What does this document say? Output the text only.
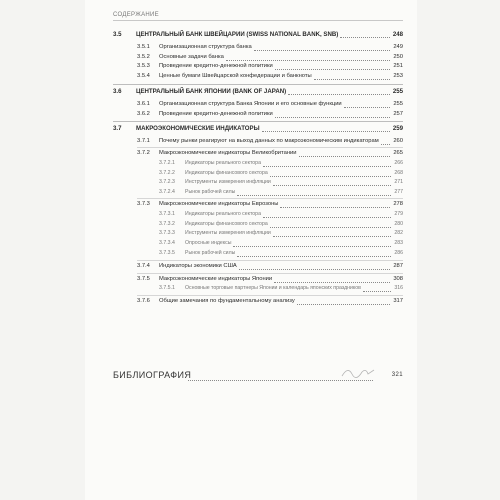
СОДЕРЖАНИЕ
3.5 ЦЕНТРАЛЬНЫЙ БАНК ШВЕЙЦАРИИ (SWISS NATIONAL BANK, SNB)	248
3.5.1 Организационная структура банка	249
3.5.2 Основные задачи банка	250
3.5.3 Проведение кредитно-денежной политики	251
3.5.4 Ценные бумаги Швейцарской конфедерации и банкноты	253
3.6 ЦЕНТРАЛЬНЫЙ БАНК ЯПОНИИ (BANK OF JAPAN)	255
3.6.1 Организационная структура Банка Японии и его основные функции	255
3.6.2 Проведение кредитно-денежной политики	257
3.7 МАКРОЭКОНОМИЧЕСКИЕ ИНДИКАТОРЫ	259
3.7.1 Почему рынки реагируют на выход данных по макроэкономическим индикаторам	260
3.7.2 Макроэкономические индикаторы Великобритании	265
3.7.2.1 Индикаторы реального сектора	266
3.7.2.2 Индикаторы финансового сектора	268
3.7.2.3 Инструменты измерения инфляции	271
3.7.2.4 Рынок рабочей силы	277
3.7.3 Макроэкономические индикаторы Еврозоны	278
3.7.3.1 Индикаторы реального сектора	279
3.7.3.2 Индикаторы финансового сектора	280
3.7.3.3 Инструменты измерения инфляции	282
3.7.3.4 Опросные индексы	283
3.7.3.5 Рынок рабочей силы	286
3.7.4 Индикаторы экономики США	287
3.7.5 Макроэкономические индикаторы Японии	308
3.7.5.1 Основные торговые партнеры Японии и календарь японских праздников	316
3.7.6 Общие замечания по фундаментальному анализу	317
БИБЛИОГРАФИЯ	321
